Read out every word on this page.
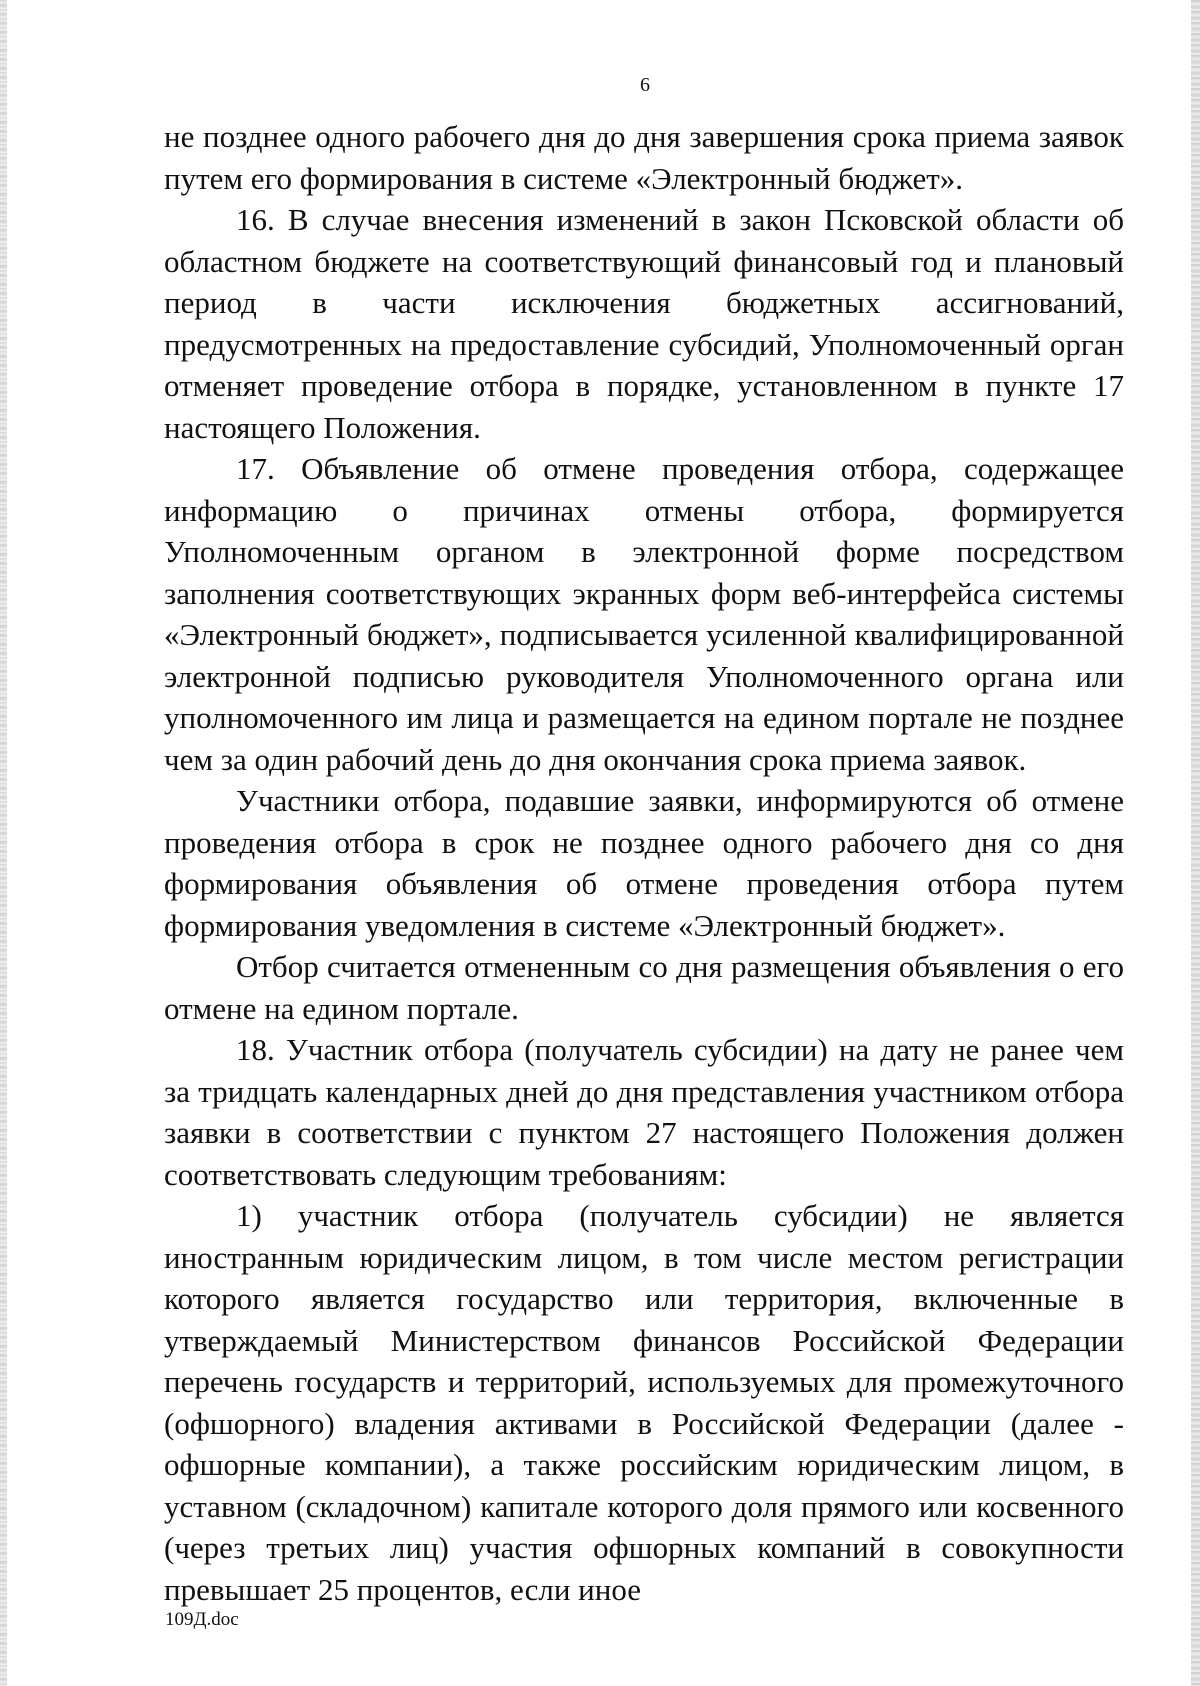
6

не позднее одного рабочего дня до дня завершения срока приема заявок путем его формирования в системе «Электронный бюджет».

16. В случае внесения изменений в закон Псковской области об областном бюджете на соответствующий финансовый год и плановый период в части исключения бюджетных ассигнований, предусмотренных на предоставление субсидий, Уполномоченный орган отменяет проведение отбора в порядке, установленном в пункте 17 настоящего Положения.

17. Объявление об отмене проведения отбора, содержащее информацию о причинах отмены отбора, формируется Уполномоченным органом в электронной форме посредством заполнения соответствующих экранных форм веб-интерфейса системы «Электронный бюджет», подписывается усиленной квалифицированной электронной подписью руководителя Уполномоченного органа или уполномоченного им лица и размещается на едином портале не позднее чем за один рабочий день до дня окончания срока приема заявок.

Участники отбора, подавшие заявки, информируются об отмене проведения отбора в срок не позднее одного рабочего дня со дня формирования объявления об отмене проведения отбора путем формирования уведомления в системе «Электронный бюджет».

Отбор считается отмененным со дня размещения объявления о его отмене на едином портале.

18. Участник отбора (получатель субсидии) на дату не ранее чем за тридцать календарных дней до дня представления участником отбора заявки в соответствии с пунктом 27 настоящего Положения должен соответствовать следующим требованиям:

1) участник отбора (получатель субсидии) не является иностранным юридическим лицом, в том числе местом регистрации которого является государство или территория, включенные в утверждаемый Министерством финансов Российской Федерации перечень государств и территорий, используемых для промежуточного (офшорного) владения активами в Российской Федерации (далее - офшорные компании), а также российским юридическим лицом, в уставном (складочном) капитале которого доля прямого или косвенного (через третьих лиц) участия офшорных компаний в совокупности превышает 25 процентов, если иное

109Д.doc
